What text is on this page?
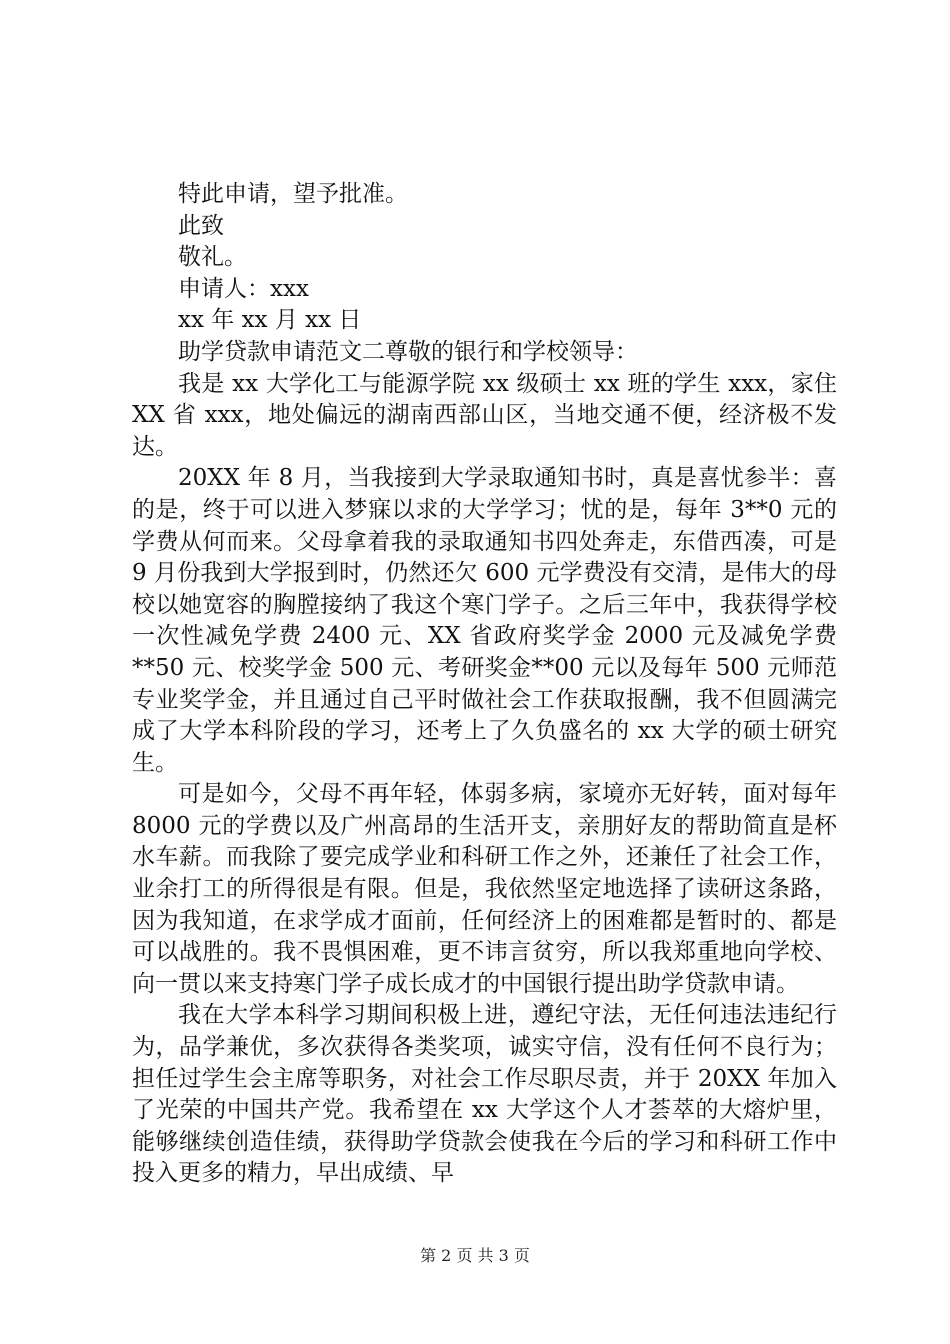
特此申请，望予批准。

此致

敬礼。

申请人：xxx

xx 年 xx 月 xx 日

助学贷款申请范文二尊敬的银行和学校领导：

我是 xx 大学化工与能源学院 xx 级硕士 xx 班的学生 xxx，家住 XX 省 xxx，地处偏远的湖南西部山区，当地交通不便，经济极不发达。

20XX 年 8 月，当我接到大学录取通知书时，真是喜忧参半：喜的是，终于可以进入梦寐以求的大学学习；忧的是，每年 3**0 元的学费从何而来。父母拿着我的录取通知书四处奔走，东借西凑，可是 9 月份我到大学报到时，仍然还欠 600 元学费没有交清，是伟大的母校以她宽容的胸膛接纳了我这个寒门学子。之后三年中，我获得学校一次性减免学费 2400 元、XX 省政府奖学金 2000 元及减免学费**50 元、校奖学金 500 元、考研奖金**00 元以及每年 500 元师范专业奖学金，并且通过自己平时做社会工作获取报酬，我不但圆满完成了大学本科阶段的学习，还考上了久负盛名的 xx 大学的硕士研究生。

可是如今，父母不再年轻，体弱多病，家境亦无好转，面对每年 8000 元的学费以及广州高昂的生活开支，亲朋好友的帮助简直是杯水车薪。而我除了要完成学业和科研工作之外，还兼任了社会工作，业余打工的所得很是有限。但是，我依然坚定地选择了读研这条路，因为我知道，在求学成才面前，任何经济上的困难都是暂时的、都是可以战胜的。我不畏惧困难，更不讳言贫穷，所以我郑重地向学校、向一贯以来支持寒门学子成长成才的中国银行提出助学贷款申请。

我在大学本科学习期间积极上进，遵纪守法，无任何违法违纪行为，品学兼优，多次获得各类奖项，诚实守信，没有任何不良行为；担任过学生会主席等职务，对社会工作尽职尽责，并于 20XX 年加入了光荣的中国共产党。我希望在 xx 大学这个人才荟萃的大熔炉里，能够继续创造佳绩，获得助学贷款会使我在今后的学习和科研工作中投入更多的精力，早出成绩、早

第 2 页 共 3 页
